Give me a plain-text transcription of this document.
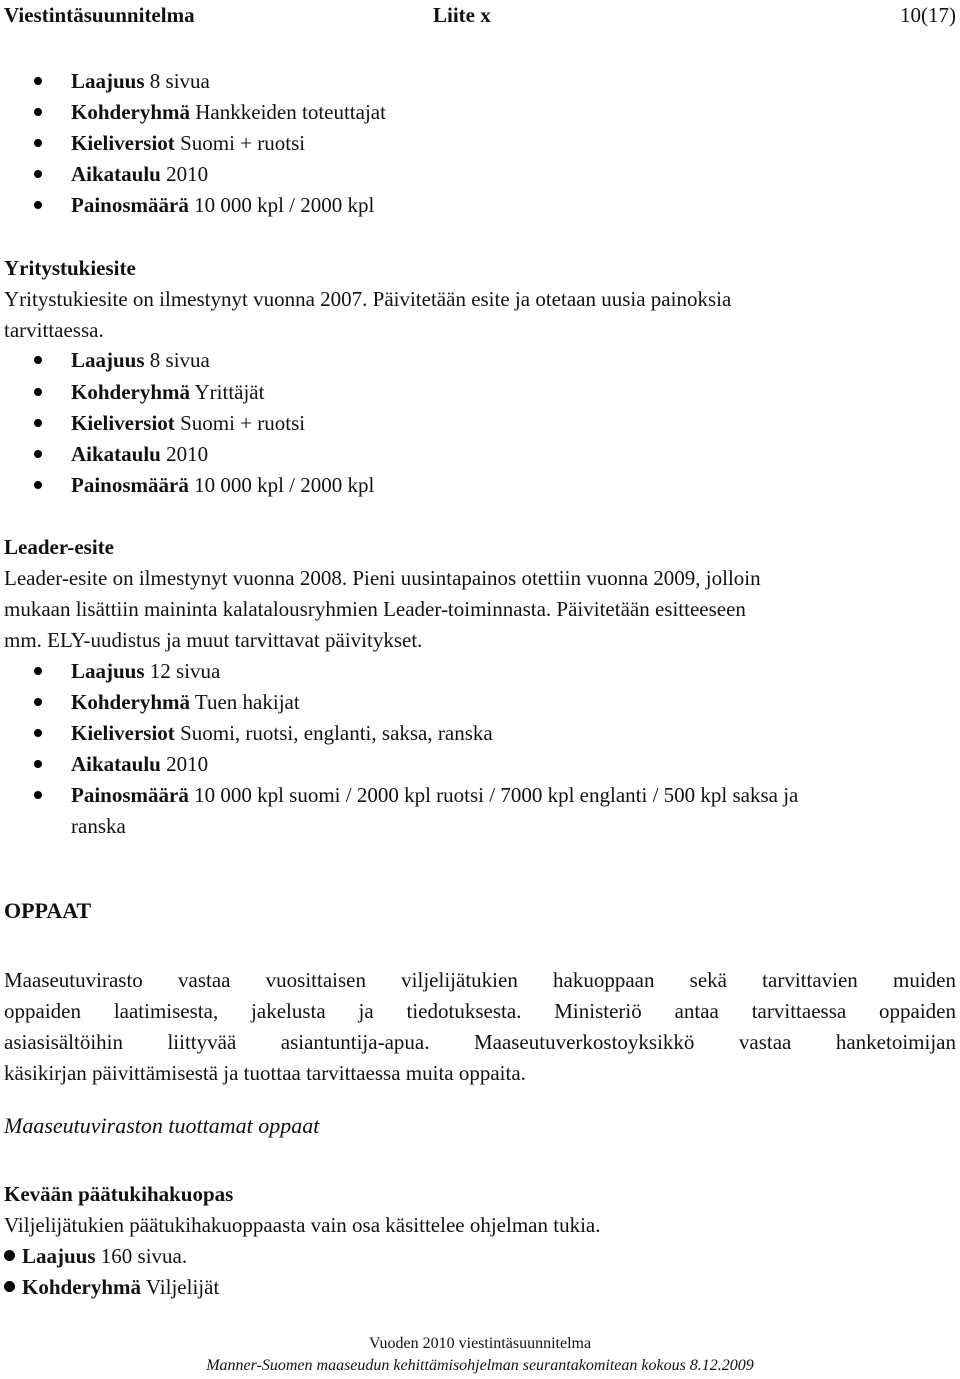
Viestintäsuunnitelma	Liite x	10(17)
Laajuus 8 sivua
Kohderyhmä Hankkeiden toteuttajat
Kieliversiot Suomi + ruotsi
Aikataulu 2010
Painosmäärä 10 000 kpl / 2000 kpl
Yritystukiesite
Yritystukiesite on ilmestynyt vuonna 2007. Päivitetään esite ja otetaan uusia painoksia
tarvittaessa.
Laajuus 8 sivua
Kohderyhmä Yrittäjät
Kieliversiot Suomi + ruotsi
Aikataulu 2010
Painosmäärä 10 000 kpl / 2000 kpl
Leader-esite
Leader-esite on ilmestynyt vuonna 2008. Pieni uusintapainos otettiin vuonna 2009, jolloin
mukaan lisättiin maininta kalatalousryhmien Leader-toiminnasta. Päivitetään esitteeseen
mm. ELY-uudistus ja muut tarvittavat päivitykset.
Laajuus 12 sivua
Kohderyhmä Tuen hakijat
Kieliversiot Suomi, ruotsi, englanti, saksa, ranska
Aikataulu 2010
Painosmäärä 10 000 kpl suomi / 2000 kpl ruotsi / 7000 kpl englanti / 500 kpl saksa ja
ranska
OPPAAT
Maaseutuvirasto vastaa vuosittaisen viljelijätukien hakuoppaan sekä tarvittavien muiden
oppaiden laatimisesta, jakelusta ja tiedotuksesta. Ministeriö antaa tarvittaessa oppaiden
asiasisältöihin liittyvää asiantuntija-apua. Maaseutuverkostoyksikkö vastaa hanketoimijan
käsikirjan päivittämisestä ja tuottaa tarvittaessa muita oppaita.
Maaseutuviraston tuottamat oppaat
Kevään päätukihakuopas
Viljelijätukien päätukihakuoppaasta vain osa käsittelee ohjelman tukia.
Laajuus 160 sivua.
Kohderyhmä Viljelijät
Vuoden 2010 viestintäsuunnitelma
Manner-Suomen maaseudun kehittämisohjelman seurantakomitean kokous 8.12.2009
